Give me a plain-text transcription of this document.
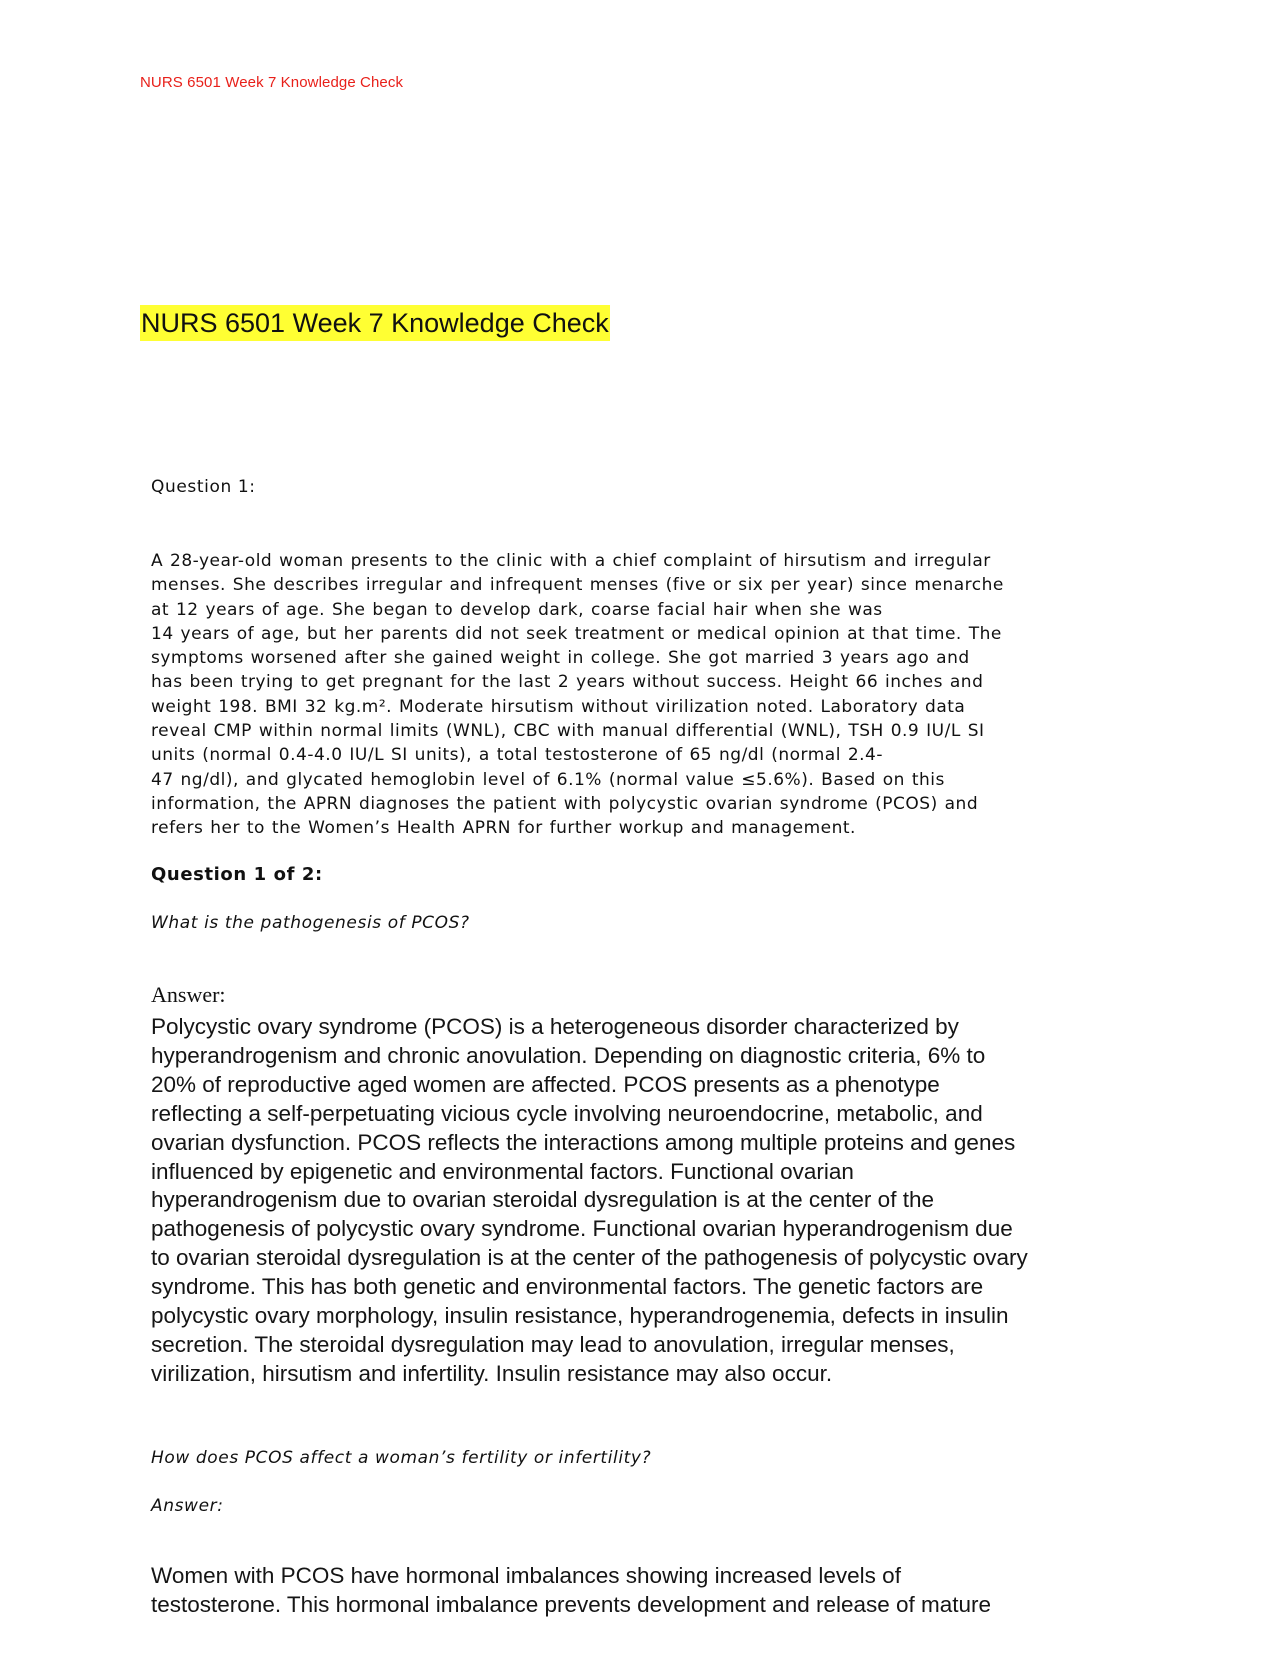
NURS 6501 Week 7 Knowledge Check
NURS 6501 Week 7 Knowledge Check
Question 1:

A 28-year-old woman presents to the clinic with a chief complaint of hirsutism and irregular

menses. She describes irregular and infrequent menses (five or six per year) since menarche

at 12 years of age. She began to develop dark, coarse facial hair when she was

14 years of age, but her parents did not seek treatment or medical opinion at that time. The

symptoms worsened after she gained weight in college. She got married 3 years ago and

has been trying to get pregnant for the last 2 years without success. Height 66 inches and

weight 198. BMI 32 kg.m². Moderate hirsutism without virilization noted. Laboratory data

reveal CMP within normal limits (WNL), CBC with manual differential (WNL), TSH 0.9 IU/L SI

units (normal 0.4-4.0 IU/L SI units), a total testosterone of 65 ng/dl (normal 2.4-

47 ng/dl), and glycated hemoglobin level of 6.1% (normal value ≤5.6%). Based on this

information, the APRN diagnoses the patient with polycystic ovarian syndrome (PCOS) and

refers her to the Women’s Health APRN for further workup and management.

Question 1 of 2:
What is the pathogenesis of PCOS?
Answer:

Polycystic ovary syndrome (PCOS) is a heterogeneous disorder characterized by

hyperandrogenism and chronic anovulation. Depending on diagnostic criteria, 6% to

20% of reproductive aged women are affected. PCOS presents as a phenotype

reflecting a self-perpetuating vicious cycle involving neuroendocrine, metabolic, and

ovarian dysfunction. PCOS reflects the interactions among multiple proteins and genes

influenced by epigenetic and environmental factors. Functional ovarian

hyperandrogenism due to ovarian steroidal dysregulation is at the center of the

pathogenesis of polycystic ovary syndrome. Functional ovarian hyperandrogenism due

to ovarian steroidal dysregulation is at the center of the pathogenesis of polycystic ovary

syndrome. This has both genetic and environmental factors. The genetic factors are

polycystic ovary morphology, insulin resistance, hyperandrogenemia, defects in insulin

secretion. The steroidal dysregulation may lead to anovulation, irregular menses,

virilization, hirsutism and infertility. Insulin resistance may also occur.

How does PCOS affect a woman’s fertility or infertility?
Answer:

Women with PCOS have hormonal imbalances showing increased levels of

testosterone. This hormonal imbalance prevents development and release of mature
